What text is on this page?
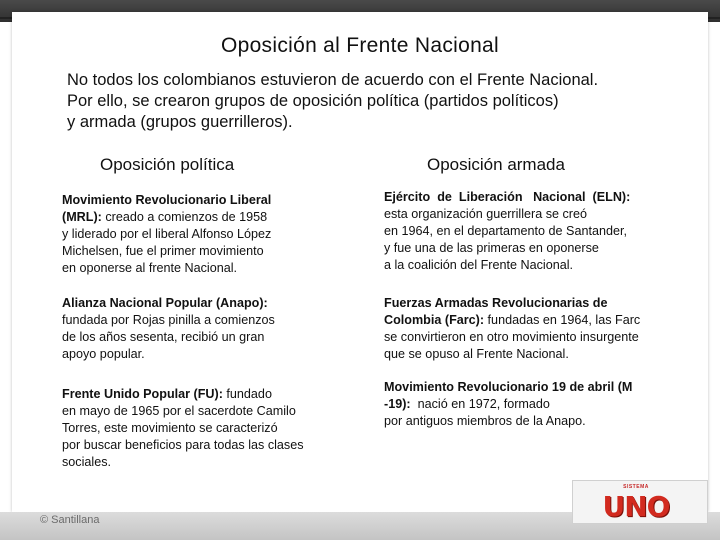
Oposición al Frente Nacional
No todos los colombianos estuvieron de acuerdo con el Frente Nacional.
Por ello, se crearon grupos de oposición política (partidos políticos)
y armada (grupos guerrilleros).
Oposición política	Oposición armada
Movimiento Revolucionario Liberal
(MRL): creado a comienzos de 1958
y liderado por el liberal Alfonso López
Michelsen, fue el primer movimiento
en oponerse al frente Nacional.
Alianza Nacional Popular (Anapo):
fundada por Rojas pinilla a comienzos
de los años sesenta, recibió un gran
apoyo popular.
Frente Unido Popular (FU): fundado
en mayo de 1965 por el sacerdote Camilo
Torres, este movimiento se caracterizó
por buscar beneficios para todas las clases
sociales.
Ejército  de  Liberación   Nacional  (ELN):
esta organización guerrillera se creó
en 1964, en el departamento de Santander,
y fue una de las primeras en oponerse
a la coalición del Frente Nacional.
Fuerzas Armadas Revolucionarias de
Colombia (Farc): fundadas en 1964, las Farc
se convirtieron en otro movimiento insurgente
que se opuso al Frente Nacional.
Movimiento Revolucionario 19 de abril (M
-19):  nació en 1972, formado
por antiguos miembros de la Anapo.
© Santillana
SISTEMA
UNO
